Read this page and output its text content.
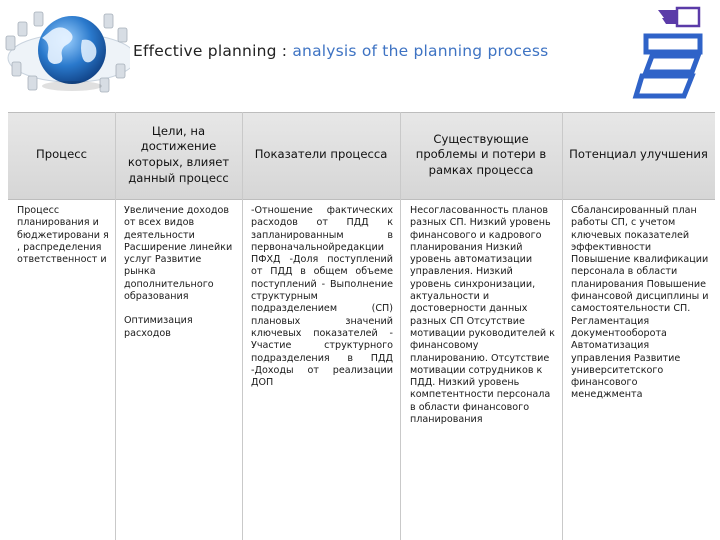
Effective planning : analysis of the planning process
ОГПУ
Процесс
Цели, на достижение которых, влияет данный процесс
Показатели процесса
Существующие проблемы и потери в рамках процесса
Потенциал улучшения

Процесс планирования и бюджетировани я , распределения ответственност и

Увеличение доходов от всех видов деятельности Расширение линейки услуг Развитие рынка дополнительного образования

Оптимизация расходов

-Отношение фактических расходов от ПДД к запланированным в первоначальнойредакции ПФХД -Доля поступлений от ПДД в общем объеме поступлений - Выполнение структурным подразделением (СП) плановых значений ключевых показателей - Участие структурного подразделения в ПДД -Доходы от реализации ДОП

Несогласованность планов разных СП. Низкий уровень финансового и кадрового планирования Низкий уровень автоматизации управления. Низкий уровень синхронизации, актуальности и достоверности данных разных СП Отсутствие мотивации руководителей к финансовому планированию. Отсутствие мотивации сотрудников к ПДД. Низкий уровень компетентности персонала в области финансового планирования

Сбалансированный план работы СП, с учетом ключевых показателей эффективности Повышение квалификации персонала в области планирования Повышение финансовой дисциплины и самостоятельности СП. Регламентация документооборота Автоматизация управления Развитие университетского финансового менеджмента
